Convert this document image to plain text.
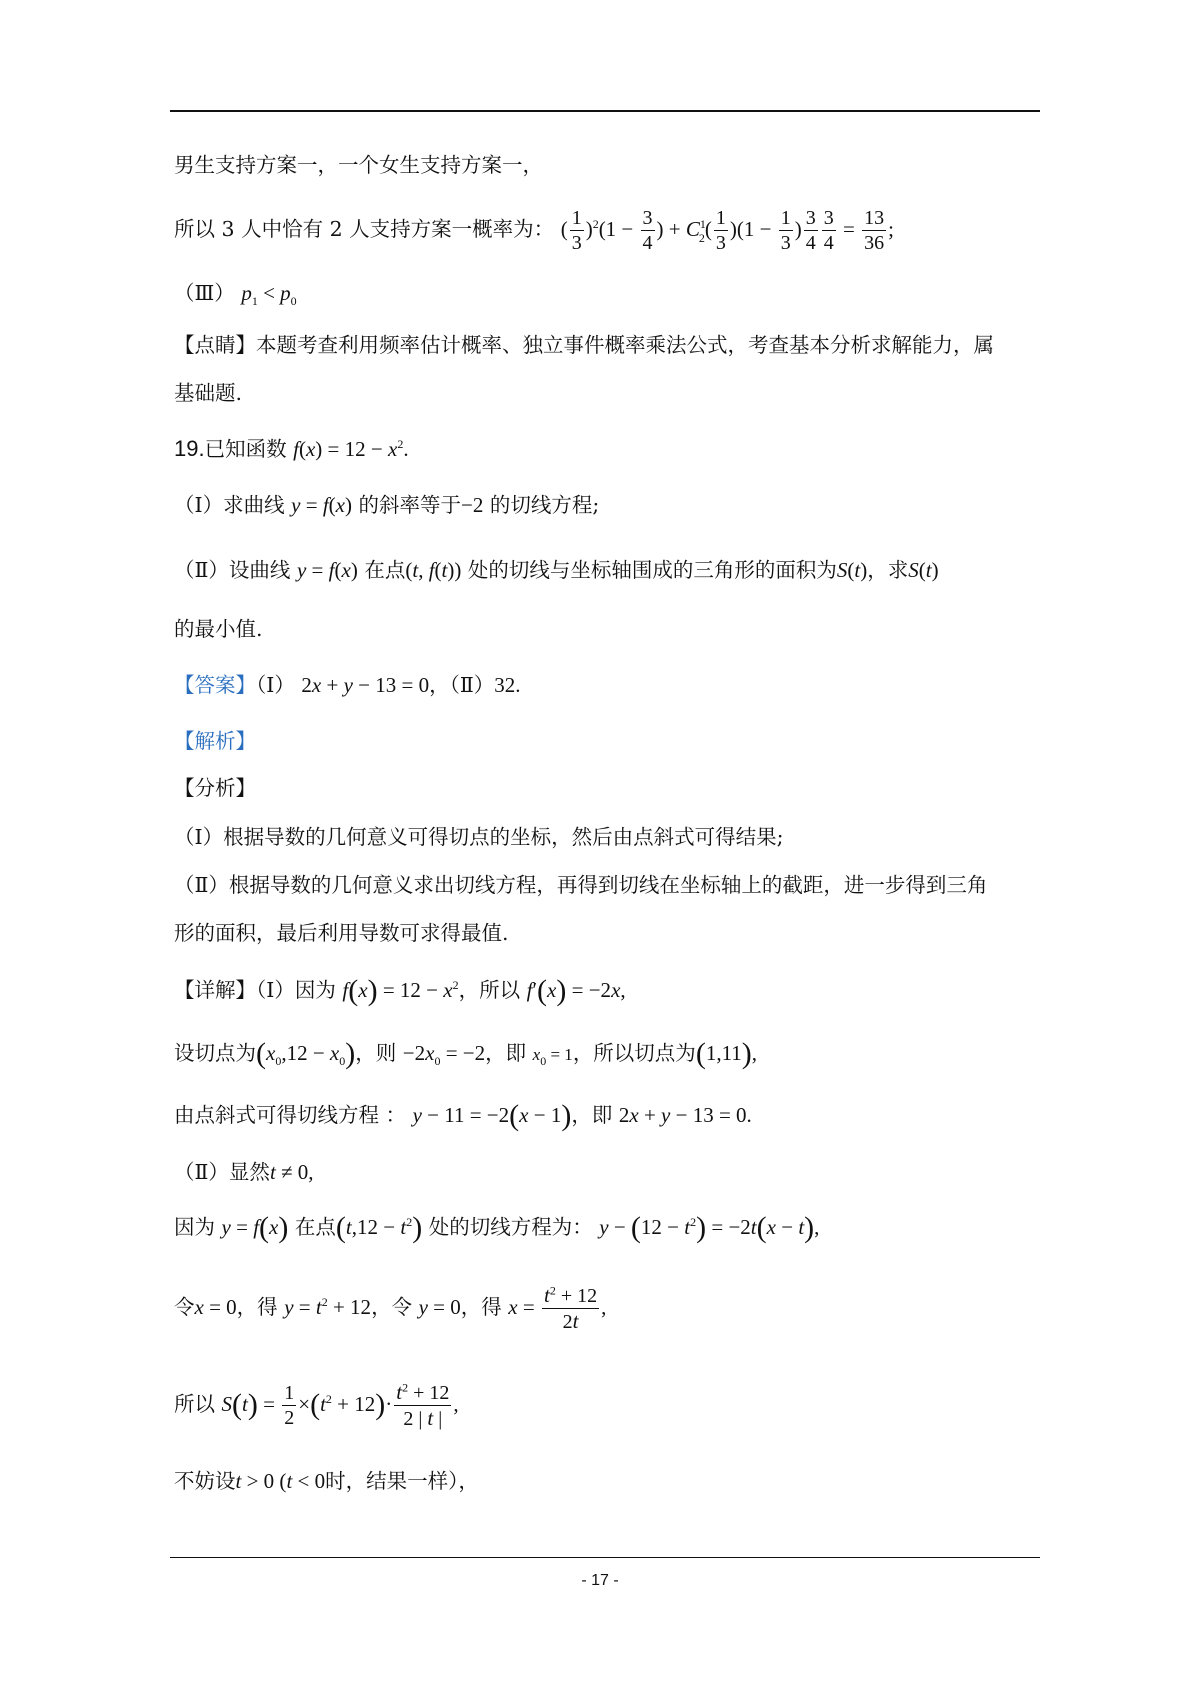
男生支持方案一，一个女生支持方案一，
所以 3 人中恰有 2 人支持方案一概率为： ( $\frac{1}{3} )^2(1 - \frac{3}{4}$ ) + $C^1_2( \frac{1}{3} )(1 - \frac{1}{3}$ ) $\frac{3}{4} \frac{3}{4} = \frac{13}{36}$ ;
（Ⅲ） $p_1 < p_0$
【点睛】本题考查利用频率估计概率、独立事件概率乘法公式，考查基本分析求解能力，属
基础题.
19.已知函数 $f(x) = 12 - x^2$.
（Ⅰ）求曲线 y = f(x) 的斜率等于−2 的切线方程;
（Ⅱ）设曲线 y = f(x) 在点(t, f(t)) 处的切线与坐标轴围成的三角形的面积为S(t)，求S(t)
的最小值.
【答案】（Ⅰ） 2x + y − 13 = 0，（Ⅱ）32.
【解析】
【分析】
（Ⅰ）根据导数的几何意义可得切点的坐标，然后由点斜式可得结果;
（Ⅱ）根据导数的几何意义求出切线方程，再得到切线在坐标轴上的截距，进一步得到三角
形的面积，最后利用导数可求得最值.
【详解】（Ⅰ）因为 $f(x) = 12 - x^2$，所以 f′(x) = −2x,
设切点为$(x_0,12 - x_0)$，则 $-2x_0 = -2$，即 $x_0 = 1$，所以切点为(1,11),
由点斜式可得切线方程 ： y − 11 = −2(x − 1)，即 2x + y − 13 = 0.
（Ⅱ）显然t ≠ 0,
因为 y = f(x) 在点$(t,12 - t^2)$ 处的切线方程为： $y - (12 - t^2) = -2t(x - t)$,
令x = 0，得 $y = t^2 + 12$，令 y = 0，得 $x = \frac{t^2 + 12}{2t}$ ,
所以 $S(t) = \frac{1}{2} \times(t^2 + 12)\cdot \frac{t^2 + 12}{2 | t |}$ ,
不妨设t > 0 (t < 0时，结果一样），
- 17 -
